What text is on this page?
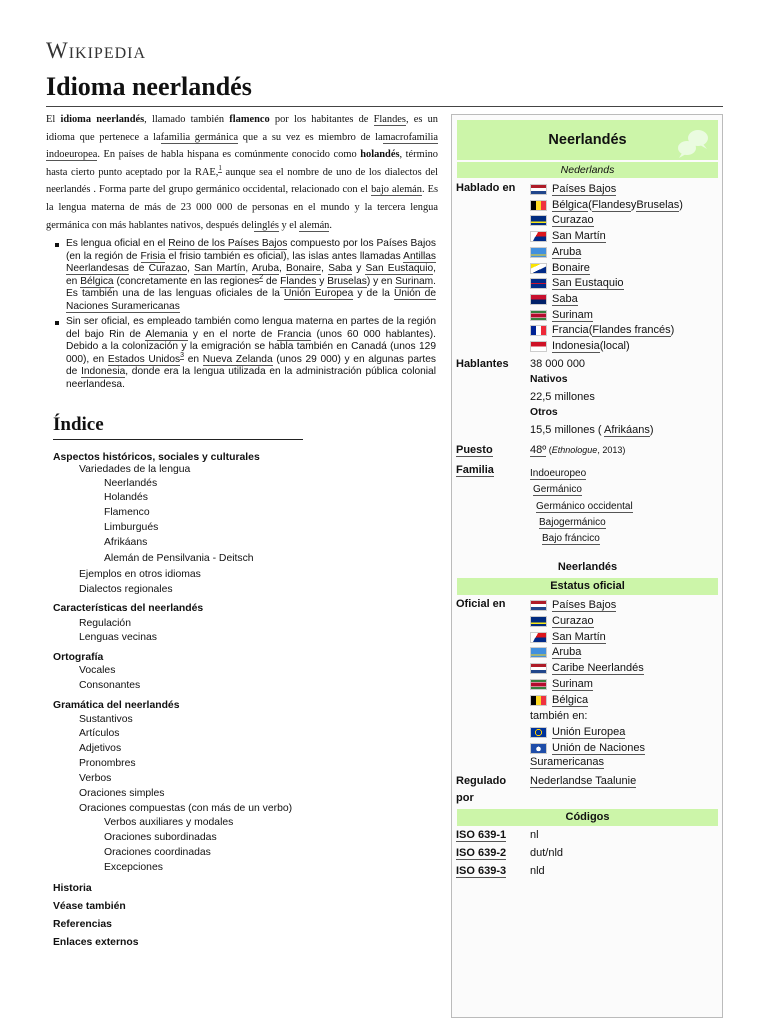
Wikipedia
Idioma neerlandés

El idioma neerlandés, llamado también flamenco por los habitantes de Flandes, es un idioma que pertenece a lafamilia germánica que a su vez es miembro de lamacrofamilia indoeuropea. En países de habla hispana es comúnmente conocido como holandés, término hasta cierto punto aceptado por la RAE,$^1$ aunque sea el nombre de uno de los dialectos del neerlandés . Forma parte del grupo germánico occidental, relacionado con el bajo alemán. Es la lengua materna de más de 23 000 000 de personas en el mundo y la tercera lengua germánica con más hablantes nativos, después delinglés y el alemán.

Es lengua oficial en el Reino de los Países Bajos compuesto por los Países Bajos (en la región de Frisia el frisio también es oficial), las islas antes llamadas Antillas Neerlandesas de Curazao, San Martín, Aruba, Bonaire, Saba y San Eustaquio, en Bélgica (concretamente en las regiones$^2$ de Flandes y Bruselas) y en Surinam. Es también una de las lenguas oficiales de la Unión Europea y de la Unión de Naciones Suramericanas
Sin ser oficial, es empleado también como lengua materna en partes de la región del bajo Rin de Alemania y en el norte de Francia (unos 60 000 hablantes). Debido a la colonización y la emigración se habla también en Canadá (unos 129 000), en Estados Unidos$^3$ en Nueva Zelanda (unos 29 000) y en algunas partes de Indonesia, donde era la lengua utilizada en la administración pública colonial neerlandesa.
Índice
Aspectos históricos, sociales y culturales
Variedades de la lengua
Neerlandés
Holandés
Flamenco
Limburgués
Afrikáans
Alemán de Pensilvania - Deitsch
Ejemplos en otros idiomas
Dialectos regionales
Características del neerlandés
Regulación
Lenguas vecinas
Ortografía
Vocales
Consonantes
Gramática del neerlandés
Sustantivos
Artículos
Adjetivos
Pronombres
Verbos
Oraciones simples
Oraciones compuestas (con más de un verbo)
Verbos auxiliares y modales
Oraciones subordinadas
Oraciones coordinadas
Excepciones
Historia
Véase también
Referencias
Enlaces externos
Neerlandés
Nederlands
Hablado en
Hablantes 38 000 000
Nativos
22,5 millones
Otros
15,5 millones ( Afrikáans)
Puesto	48º (Ethnologue, 2013)
Familia
Neerlandés
Estatus oficial
Oficial en
también en:
Suramericanas
Regulado
por
Nederlandse Taalunie
Códigos
Países Bajos
Bélgica ( Flandes y Bruselas )
Curazao
San Martín
Aruba
Bonaire
San Eustaquio
Saba
Surinam
Francia ( Flandes francés )
Indonesia (local)
Países Bajos
Curazao
San Martín
Aruba
Caribe Neerlandés
Surinam
Bélgica
Unión Europea
Unión de Naciones
Indoeuropeo
Germánico
Germánico occidental
Bajogermánico
Bajo fráncico
ISO 639-1 nl
ISO 639-2 dut/nld
ISO 639-3 nld
